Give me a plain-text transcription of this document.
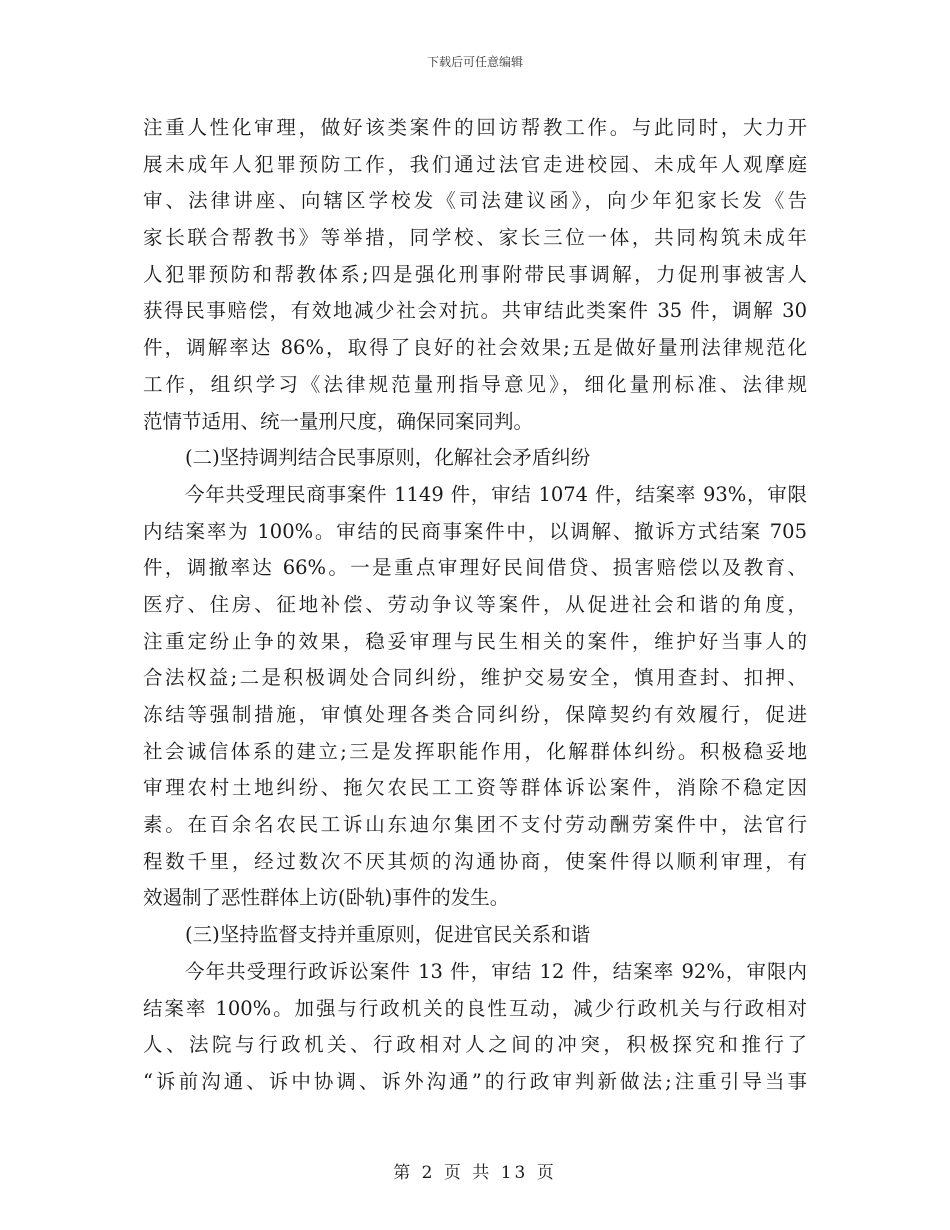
下载后可任意编辑
注重人性化审理，做好该类案件的回访帮教工作。与此同时，大力开
展未成年人犯罪预防工作，我们通过法官走进校园、未成年人观摩庭
审、法律讲座、向辖区学校发《司法建议函》，向少年犯家长发《告
家长联合帮教书》等举措，同学校、家长三位一体，共同构筑未成年
人犯罪预防和帮教体系;四是强化刑事附带民事调解，力促刑事被害人
获得民事赔偿，有效地减少社会对抗。共审结此类案件 35 件，调解 30
件，调解率达 86%，取得了良好的社会效果;五是做好量刑法律规范化
工作，组织学习《法律规范量刑指导意见》，细化量刑标准、法律规
范情节适用、统一量刑尺度，确保同案同判。
(二)坚持调判结合民事原则，化解社会矛盾纠纷
今年共受理民商事案件 1149 件，审结 1074 件，结案率 93%，审限
内结案率为 100%。审结的民商事案件中，以调解、撤诉方式结案 705
件，调撤率达 66%。一是重点审理好民间借贷、损害赔偿以及教育、
医疗、住房、征地补偿、劳动争议等案件，从促进社会和谐的角度，
注重定纷止争的效果，稳妥审理与民生相关的案件，维护好当事人的
合法权益;二是积极调处合同纠纷，维护交易安全，慎用查封、扣押、
冻结等强制措施，审慎处理各类合同纠纷，保障契约有效履行，促进
社会诚信体系的建立;三是发挥职能作用，化解群体纠纷。积极稳妥地
审理农村土地纠纷、拖欠农民工工资等群体诉讼案件，消除不稳定因
素。在百余名农民工诉山东迪尔集团不支付劳动酬劳案件中，法官行
程数千里，经过数次不厌其烦的沟通协商，使案件得以顺利审理，有
效遏制了恶性群体上访(卧轨)事件的发生。
(三)坚持监督支持并重原则，促进官民关系和谐
今年共受理行政诉讼案件 13 件，审结 12 件，结案率 92%，审限内
结案率 100%。加强与行政机关的良性互动，减少行政机关与行政相对
人、法院与行政机关、行政相对人之间的冲突，积极探究和推行了
“诉前沟通、诉中协调、诉外沟通”的行政审判新做法;注重引导当事
第 2 页 共 13 页
